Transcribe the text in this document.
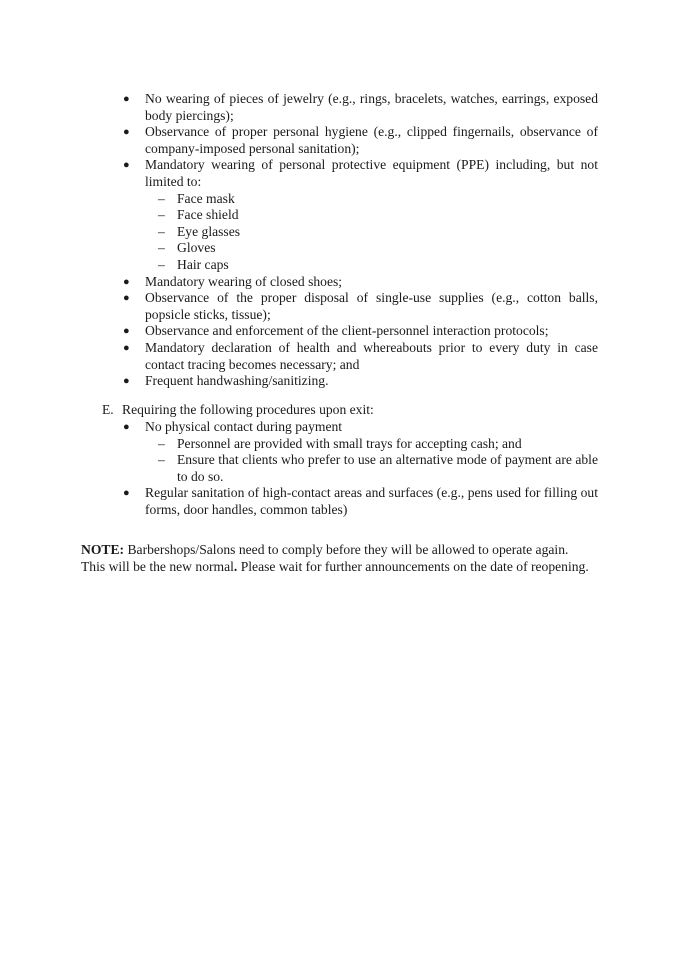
● No wearing of pieces of jewelry (e.g., rings, bracelets, watches, earrings, exposed body piercings);
● Observance of proper personal hygiene (e.g., clipped fingernails, observance of company-imposed personal sanitation);
● Mandatory wearing of personal protective equipment (PPE) including, but not limited to:
– Face mask
– Face shield
– Eye glasses
– Gloves
– Hair caps
● Mandatory wearing of closed shoes;
● Observance of the proper disposal of single-use supplies (e.g., cotton balls, popsicle sticks, tissue);
● Observance and enforcement of the client-personnel interaction protocols;
● Mandatory declaration of health and whereabouts prior to every duty in case contact tracing becomes necessary; and
● Frequent handwashing/sanitizing.
E. Requiring the following procedures upon exit:
● No physical contact during payment
– Personnel are provided with small trays for accepting cash; and
– Ensure that clients who prefer to use an alternative mode of payment are able to do so.
● Regular sanitation of high-contact areas and surfaces (e.g., pens used for filling out forms, door handles, common tables)
NOTE: Barbershops/Salons need to comply before they will be allowed to operate again.
This will be the new normal. Please wait for further announcements on the date of reopening.
